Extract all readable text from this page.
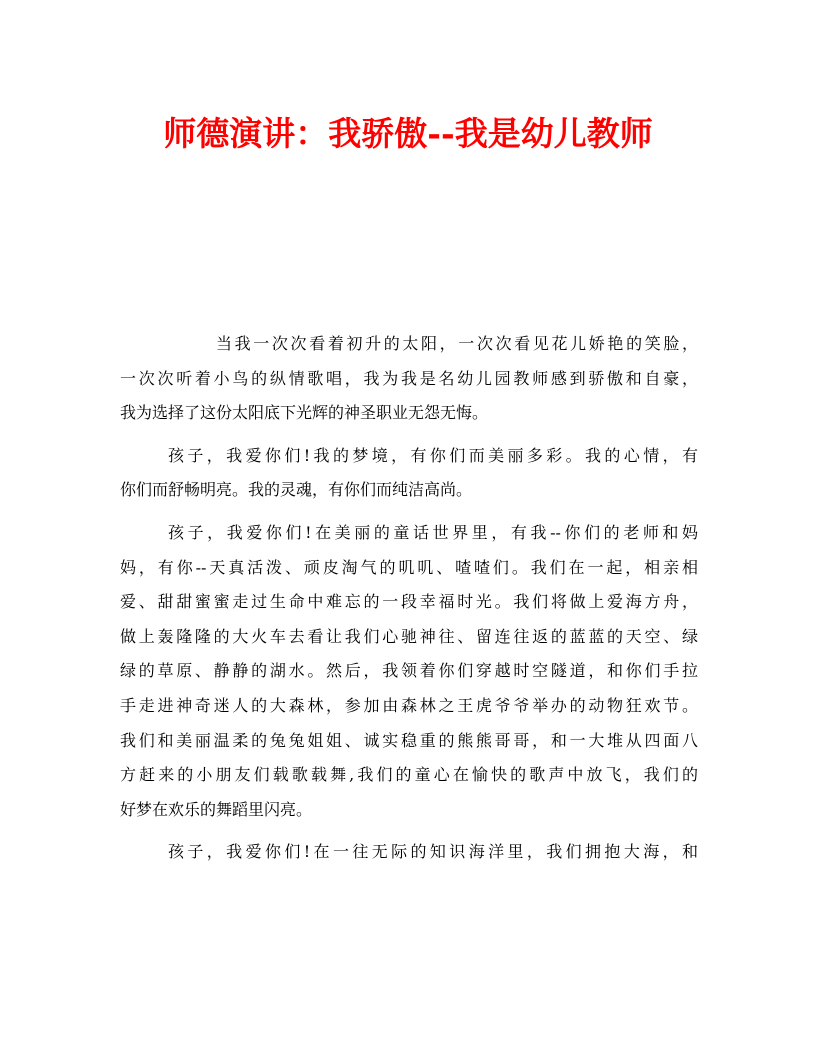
师德演讲：我骄傲--我是幼儿教师
当我一次次看着初升的太阳，一次次看见花儿娇艳的笑脸，
一次次听着小鸟的纵情歌唱，我为我是名幼儿园教师感到骄傲和自豪，
我为选择了这份太阳底下光辉的神圣职业无怨无悔。
孩子，我爱你们!我的梦境，有你们而美丽多彩。我的心情，有
你们而舒畅明亮。我的灵魂，有你们而纯洁高尚。
孩子，我爱你们!在美丽的童话世界里，有我--你们的老师和妈
妈，有你--天真活泼、顽皮淘气的叽叽、喳喳们。我们在一起，相亲相
爱、甜甜蜜蜜走过生命中难忘的一段幸福时光。我们将做上爱海方舟，
做上轰隆隆的大火车去看让我们心驰神往、留连往返的蓝蓝的天空、绿
绿的草原、静静的湖水。然后，我领着你们穿越时空隧道，和你们手拉
手走进神奇迷人的大森林，参加由森林之王虎爷爷举办的动物狂欢节。
我们和美丽温柔的兔兔姐姐、诚实稳重的熊熊哥哥，和一大堆从四面八
方赶来的小朋友们载歌载舞,我们的童心在愉快的歌声中放飞，我们的
好梦在欢乐的舞蹈里闪亮。
孩子，我爱你们!在一往无际的知识海洋里，我们拥抱大海，和
